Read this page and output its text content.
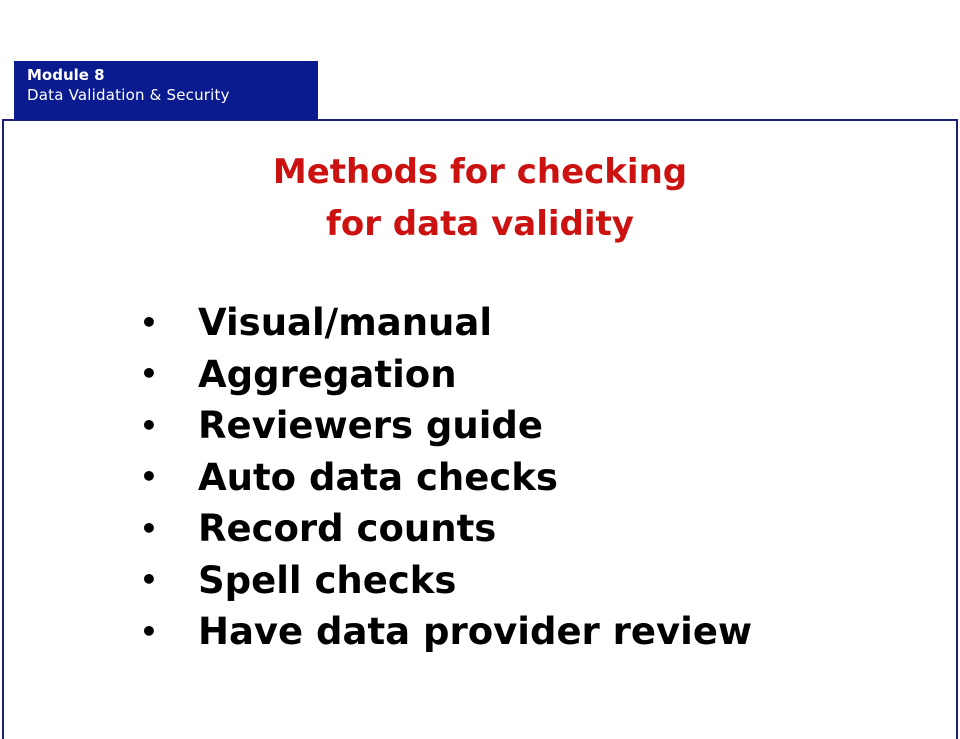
Module 8
Data Validation & Security
Methods for checking
for data validity
•	Visual/manual
•	Aggregation
•	Reviewers guide
•	Auto data checks
•	Record counts
•	Spell checks
•	Have data provider review
